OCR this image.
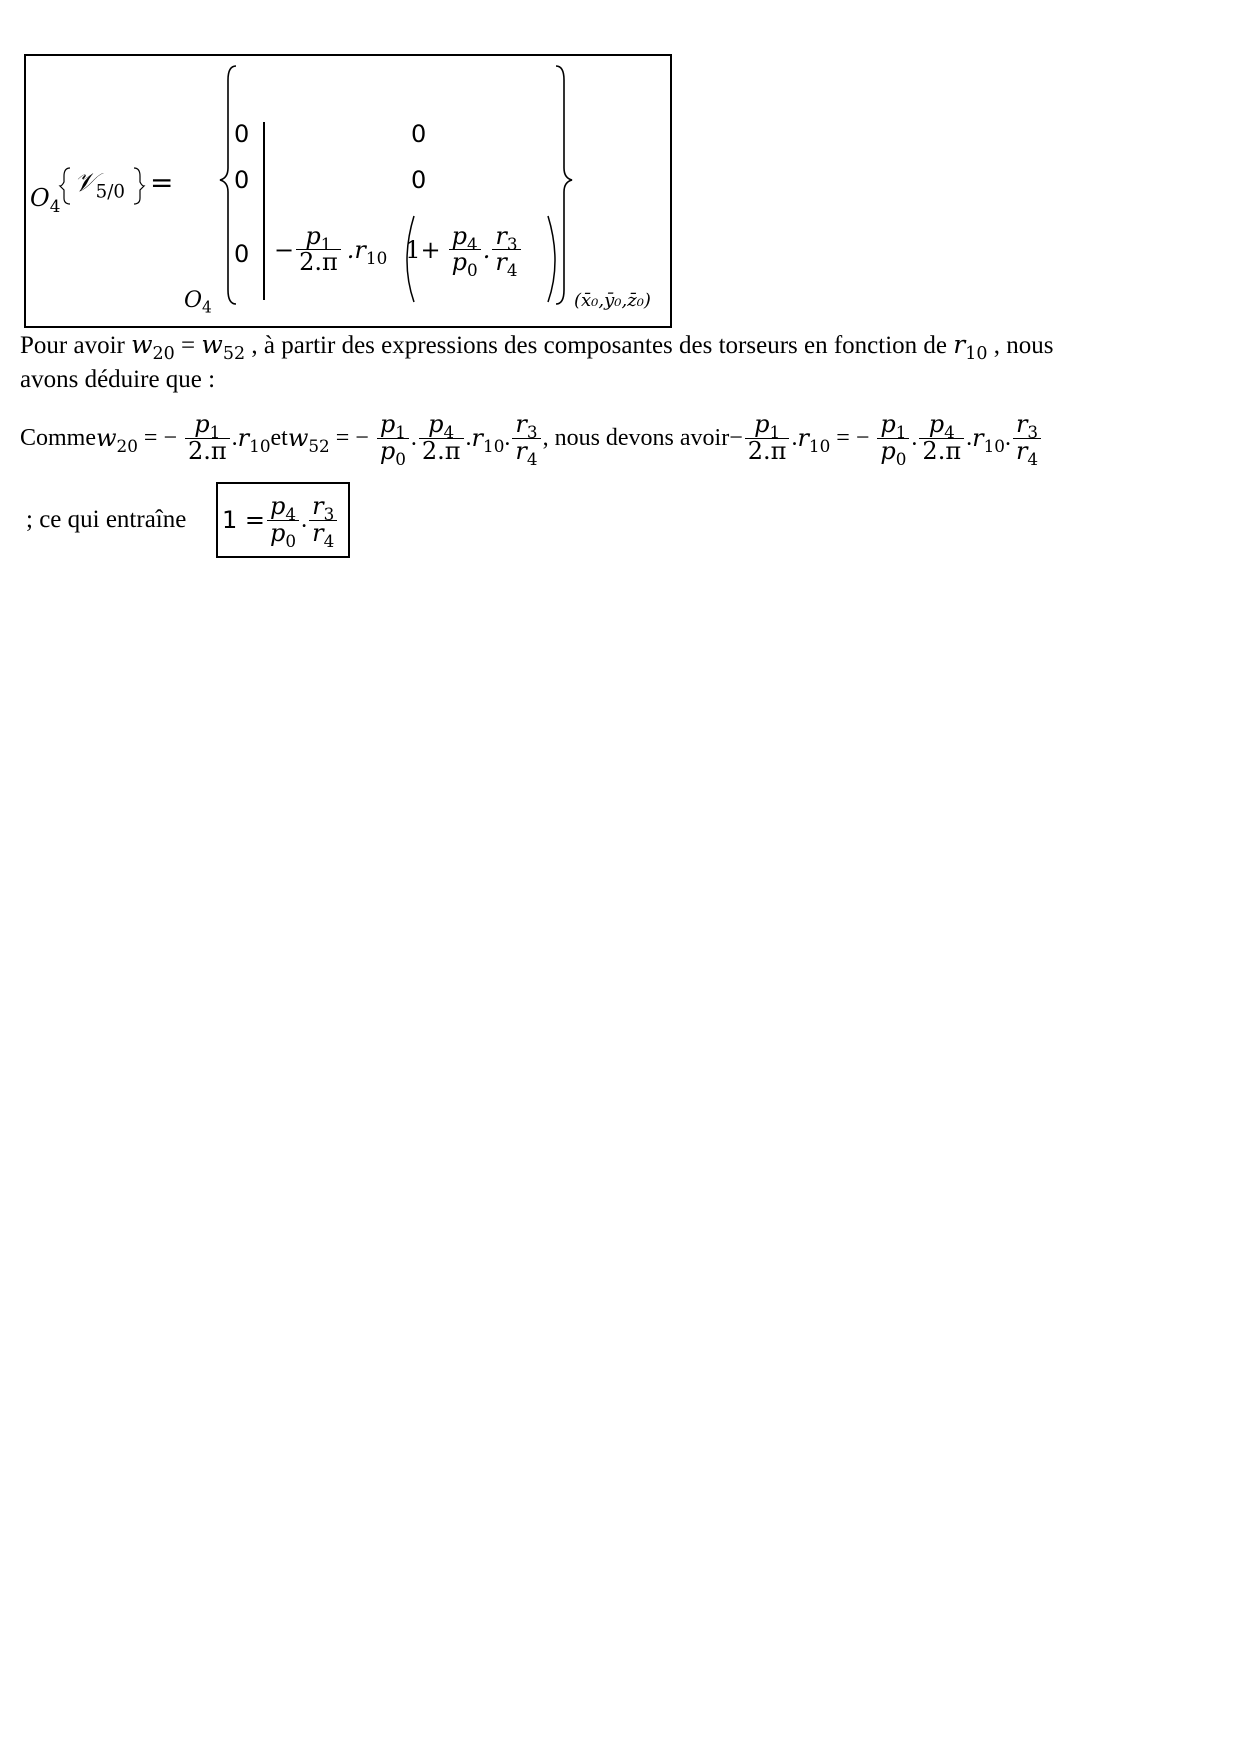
$O_4$
𝒱$_{5/0}$ =
0
0
0
0
0
− $\frac{p_1}{2.\pi}$ . $r_{10}$ $1+ \frac{p_4}{p_0}$ . $\frac{r_3}{r_4}$
$O_4$	(x̄₀,ȳ₀,z̄₀)
Pour avoir $w_{20} = w_{52}$ , à partir des expressions des composantes des torseurs en fonction de $r_{10}$ , nous
avons déduire que :
Comme $w_{20}$ = − $\frac{p_1}{2.\pi}$ . $r_{10}$ et $w_{52}$ = − $\frac{p_1}{p_0}$ . $\frac{p_4}{2.\pi}$ . $r_{10}$ . $\frac{r_3}{r_4}$ , nous devons avoir − $\frac{p_1}{2.\pi}$ . $r_{10}$ = − $\frac{p_1}{p_0}$ . $\frac{p_4}{2.\pi}$ . $r_{10}$ . $\frac{r_3}{r_4}$
; ce qui entraîne $1 = \frac{p_4}{p_0}$ . $\frac{r_3}{r_4}$
